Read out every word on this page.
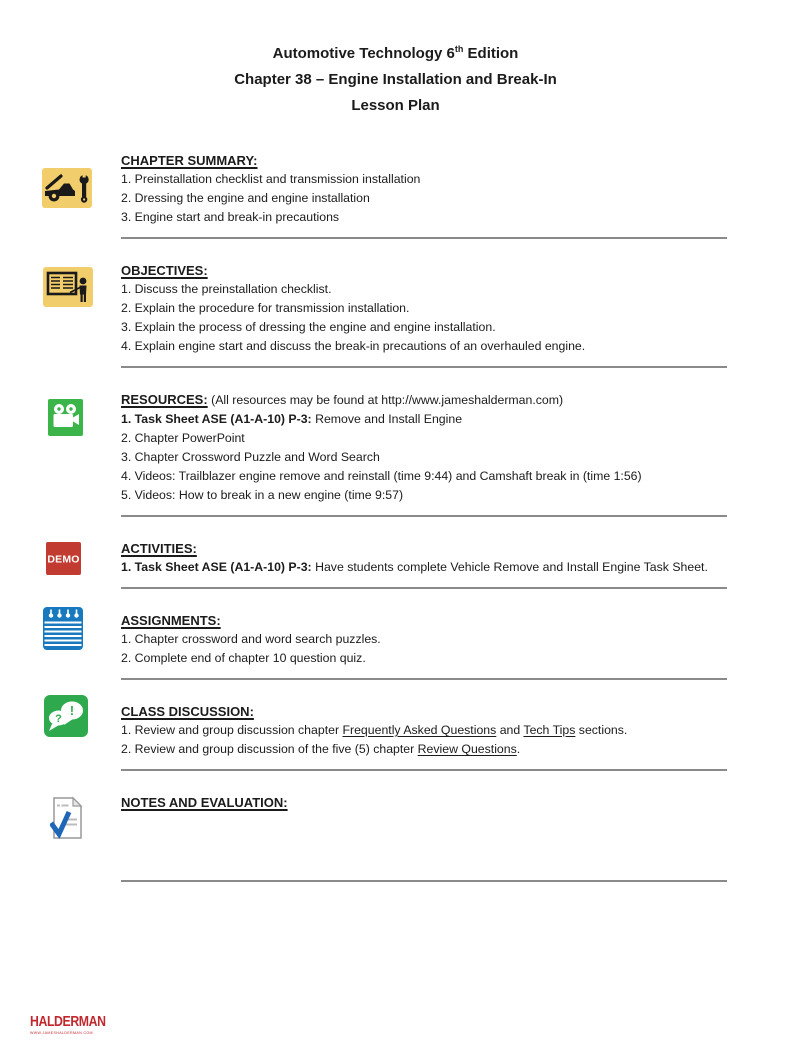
Automotive Technology 6th Edition
Chapter 38 – Engine Installation and Break-In
Lesson Plan
CHAPTER SUMMARY:
1. Preinstallation checklist and transmission installation
2. Dressing the engine and engine installation
3. Engine start and break-in precautions
OBJECTIVES:
1. Discuss the preinstallation checklist.
2. Explain the procedure for transmission installation.
3. Explain the process of dressing the engine and engine installation.
4. Explain engine start and discuss the break-in precautions of an overhauled engine.
RESOURCES: (All resources may be found at http://www.jameshalderman.com)
1. Task Sheet ASE (A1-A-10) P-3: Remove and Install Engine
2. Chapter PowerPoint
3. Chapter Crossword Puzzle and Word Search
4. Videos: Trailblazer engine remove and reinstall (time 9:44) and Camshaft break in (time 1:56)
5. Videos: How to break in a new engine (time 9:57)
DEMO
ACTIVITIES:
1. Task Sheet ASE (A1-A-10) P-3: Have students complete Vehicle Remove and Install Engine Task Sheet.
ASSIGNMENTS:
1. Chapter crossword and word search puzzles.
2. Complete end of chapter 10 question quiz.
?
!	CLASS DISCUSSION:
1. Review and group discussion chapter Frequently Asked Questions and Tech Tips sections.
2. Review and group discussion of the five (5) chapter Review Questions.
NOTES AND EVALUATION:
HALDERMAN
WWW.JAMESHALDERMAN.COM
